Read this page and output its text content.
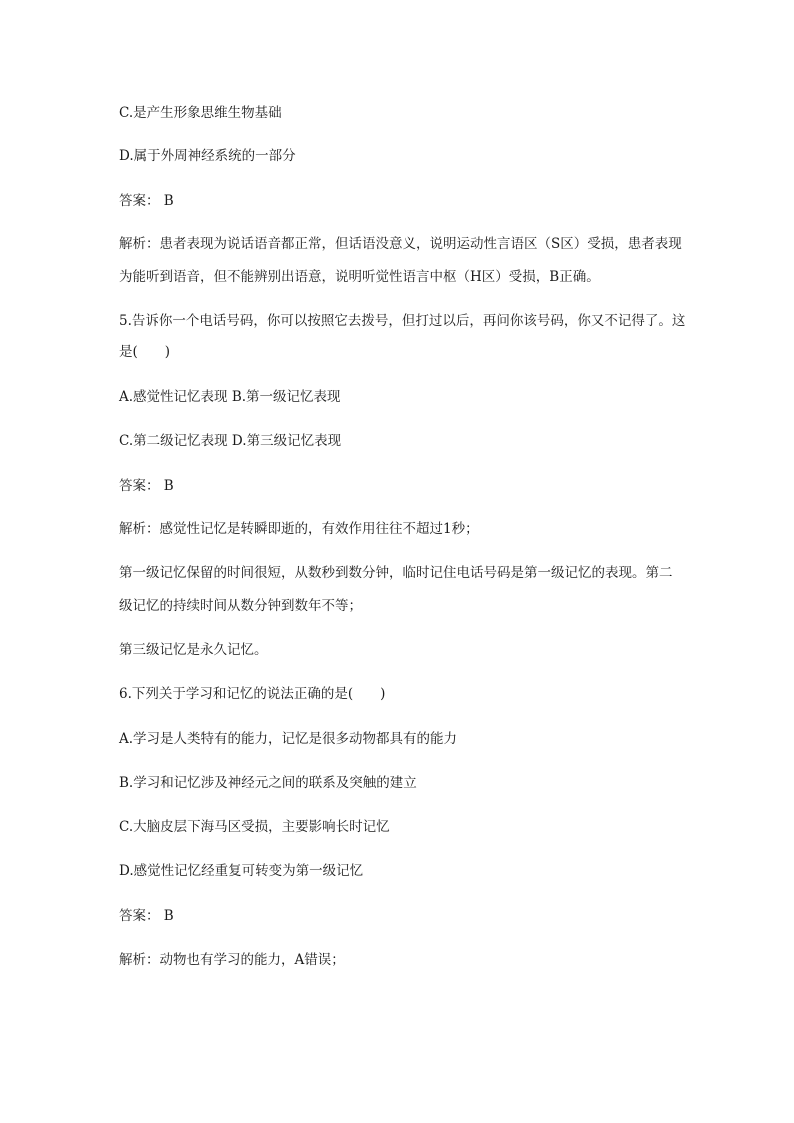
C.是产生形象思维生物基础

D.属于外周神经系统的一部分

答案： B

解析：患者表现为说话语音都正常，但话语没意义，说明运动性言语区（S区）受损，患者表现

为能听到语音，但不能辨别出语意，说明听觉性语言中枢（H区）受损，B正确。

5.告诉你一个电话号码，你可以按照它去拨号，但打过以后，再问你该号码，你又不记得了。这

是(　　)

A.感觉性记忆表现 B.第一级记忆表现

C.第二级记忆表现 D.第三级记忆表现

答案： B

解析：感觉性记忆是转瞬即逝的，有效作用往往不超过1秒；

第一级记忆保留的时间很短，从数秒到数分钟，临时记住电话号码是第一级记忆的表现。第二

级记忆的持续时间从数分钟到数年不等；

第三级记忆是永久记忆。

6.下列关于学习和记忆的说法正确的是(　　)

A.学习是人类特有的能力，记忆是很多动物都具有的能力

B.学习和记忆涉及神经元之间的联系及突触的建立

C.大脑皮层下海马区受损，主要影响长时记忆

D.感觉性记忆经重复可转变为第一级记忆

答案： B

解析：动物也有学习的能力，A错误；
